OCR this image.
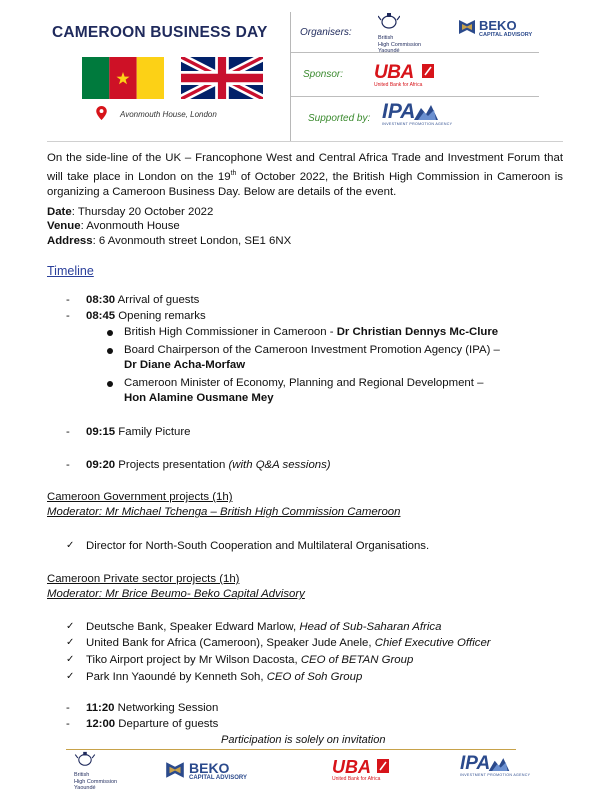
CAMEROON BUSINESS DAY
Avonmouth House, London
Organisers:	British
High Commission
Yaoundé
BEKO
CAPITAL ADVISORY
Sponsor: UBA
United Bank for Africa
Supported by: IPA
INVESTMENT PROMOTION AGENCY
On the side-line of the UK – Francophone West and Central Africa Trade and Investment Forum that will take place in London on the 19th of October 2022, the British High Commission in Cameroon is organizing a Cameroon Business Day. Below are details of the event.
Date: Thursday 20 October 2022
Venue: Avonmouth House
Address: 6 Avonmouth street London, SE1 6NX
Timeline
- 08:30 Arrival of guests
- 08:45 Opening remarks
British High Commissioner in Cameroon - Dr Christian Dennys Mc-Clure
Board Chairperson of the Cameroon Investment Promotion Agency (IPA) –
Dr Diane Acha-Morfaw
Cameroon Minister of Economy, Planning and Regional Development –
Hon Alamine Ousmane Mey
- 09:15 Family Picture
- 09:20 Projects presentation (with Q&A sessions)
Cameroon Government projects (1h)
Moderator: Mr Michael Tchenga – British High Commission Cameroon
✓ Director for North-South Cooperation and Multilateral Organisations.
Cameroon Private sector projects (1h)
Moderator: Mr Brice Beumo- Beko Capital Advisory
✓ Deutsche Bank, Speaker Edward Marlow, Head of Sub-Saharan Africa
✓ United Bank for Africa (Cameroon), Speaker Jude Anele, Chief Executive Officer
✓ Tiko Airport project by Mr Wilson Dacosta, CEO of BETAN Group
✓ Park Inn Yaoundé by Kenneth Soh, CEO of Soh Group
- 11:20 Networking Session
- 12:00 Departure of guests
Participation is solely on invitation
British
High Commission
Yaoundé
BEKO
CAPITAL ADVISORY
UBA
United Bank for Africa
IPA
INVESTMENT PROMOTION AGENCY
